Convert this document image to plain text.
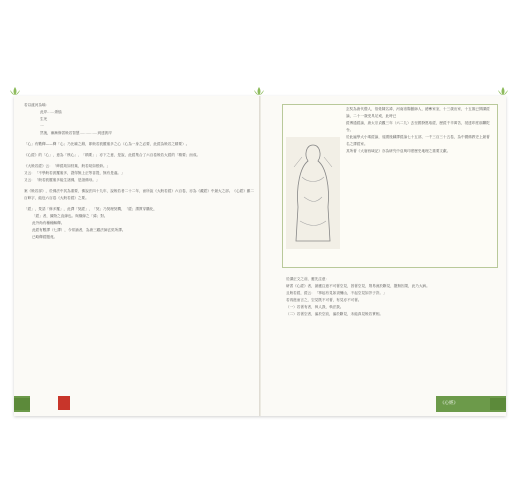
若以渡河為喻：
此岸……煩惱
生死
一
然後，漸漸修習般若智慧……………到達彼岸
「心」有數釋——釋「心」乃比喻之辭，即般若波羅蜜多之心（心為一身之必要，此經為般若之精要）。
《心經》的「心」，意為「核心」、「精要」；亦下之意，是說，此經集合了六百卷般若大經的「精要」而成。
《大般若經》云：「餘經劫如枝葉，般若劫如根幹。」
又云：「不學般若波羅蜜多，證得無上正等菩提，無有是處。」
又云：「般若波羅蜜多能生諸佛，是諸佛母。」
案《般若部》，於佛法中其為重要，佛說法四十九年，說般若者二十二年，而所說《大般若經》六百卷，亦為《藏經》中最大之部。《心經》雖二百餘字，能包六百卷《大般若經》之要。
「經」，梵語「修多羅」，此譯「契經」，「契」乃契理契機，「經」謂貫穿攝化，
「經」者，織物之直線也。與橫線之「緯」對。
此外尚有種種解釋。
此經有數譯（七譯），今常誦者，為唐三藏法師玄奘所譯。
已略釋經題竟。
玄奘為唐代僧人，俗姓陳名禕，河南洛陽偃師人，總參家室，十三歲出家，十五歲已開講經論，二十一歲受具足戒，此時已
經博通經論，唐太宗貞觀三年（六二九）去至國發愿取經，歷經千辛萬苦，抵達印度那爛陀寺。
於此遍學大小乘經論，返國後翻譯經論七十五部，一千三百三十五卷，為中國佛教史上最著名之譯經家。
其所著《大唐西域記》亦為研究中亞與印度歷史地理之重要文獻。
於講正文之前，應先注意：
研習《心經》者，最應注意不可著空見，因著空見，則易流於斷見，撥無因果，此乃大病。
且般若經，經云：「寧起有見如須彌山，不起空見如芥子許。」
若再進而言之，空見既不可著，有見亦不可著。
（一）若著有者，執人我，執法我。
（二）若著空者，偏於空寂，偏於斷見，未能真見般若實相。
《心經》
